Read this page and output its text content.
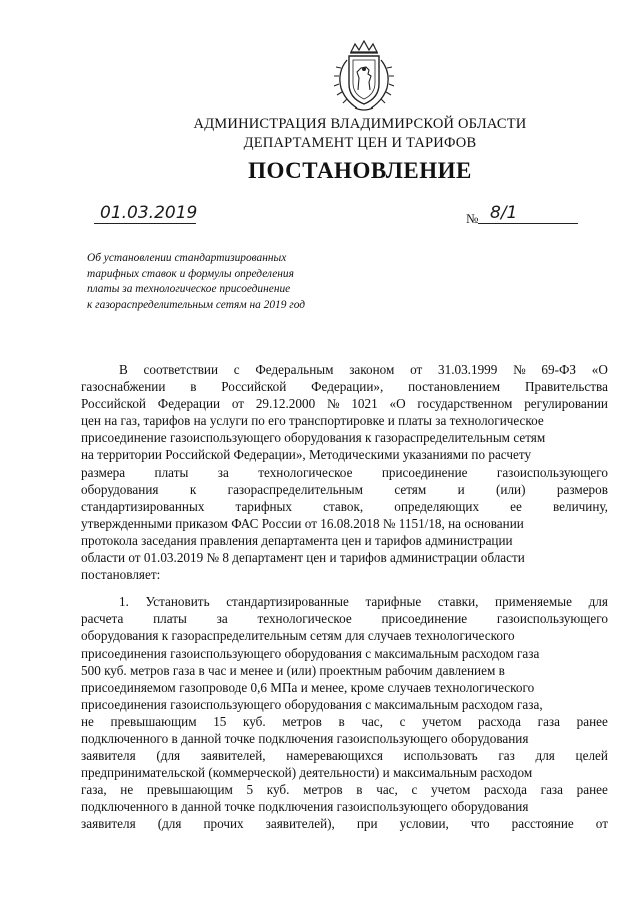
АДМИНИСТРАЦИЯ ВЛАДИМИРСКОЙ ОБЛАСТИ
ДЕПАРТАМЕНТ ЦЕН И ТАРИФОВ
ПОСТАНОВЛЕНИЕ
01.03.2019	№ 8/1
Об установлении стандартизированных
тарифных ставок и формулы определения
платы за технологическое присоединение
к газораспределительным сетям на 2019 год
В соответствии с Федеральным законом от 31.03.1999 № 69-ФЗ «О
газоснабжении в Российской Федерации», постановлением Правительства
Российской Федерации от 29.12.2000 № 1021 «О государственном регулировании
цен на газ, тарифов на услуги по его транспортировке и платы за технологическое
присоединение газоиспользующего оборудования к газораспределительным сетям
на территории Российской Федерации», Методическими указаниями по расчету
размера платы за технологическое присоединение газоиспользующего
оборудования к газораспределительным сетям и (или) размеров
стандартизированных тарифных ставок, определяющих ее величину,
утвержденными приказом ФАС России от 16.08.2018 № 1151/18, на основании
протокола заседания правления департамента цен и тарифов администрации
области от 01.03.2019 № 8 департамент цен и тарифов администрации области
постановляет:
1. Установить стандартизированные тарифные ставки, применяемые для
расчета платы за технологическое присоединение газоиспользующего
оборудования к газораспределительным сетям для случаев технологического
присоединения газоиспользующего оборудования с максимальным расходом газа
500 куб. метров газа в час и менее и (или) проектным рабочим давлением в
присоединяемом газопроводе 0,6 МПа и менее, кроме случаев технологического
присоединения газоиспользующего оборудования с максимальным расходом газа,
не превышающим 15 куб. метров в час, с учетом расхода газа ранее
подключенного в данной точке подключения газоиспользующего оборудования
заявителя (для заявителей, намеревающихся использовать газ для целей
предпринимательской (коммерческой) деятельности) и максимальным расходом
газа, не превышающим 5 куб. метров в час, с учетом расхода газа ранее
подключенного в данной точке подключения газоиспользующего оборудования
заявителя (для прочих заявителей), при условии, что расстояние от
